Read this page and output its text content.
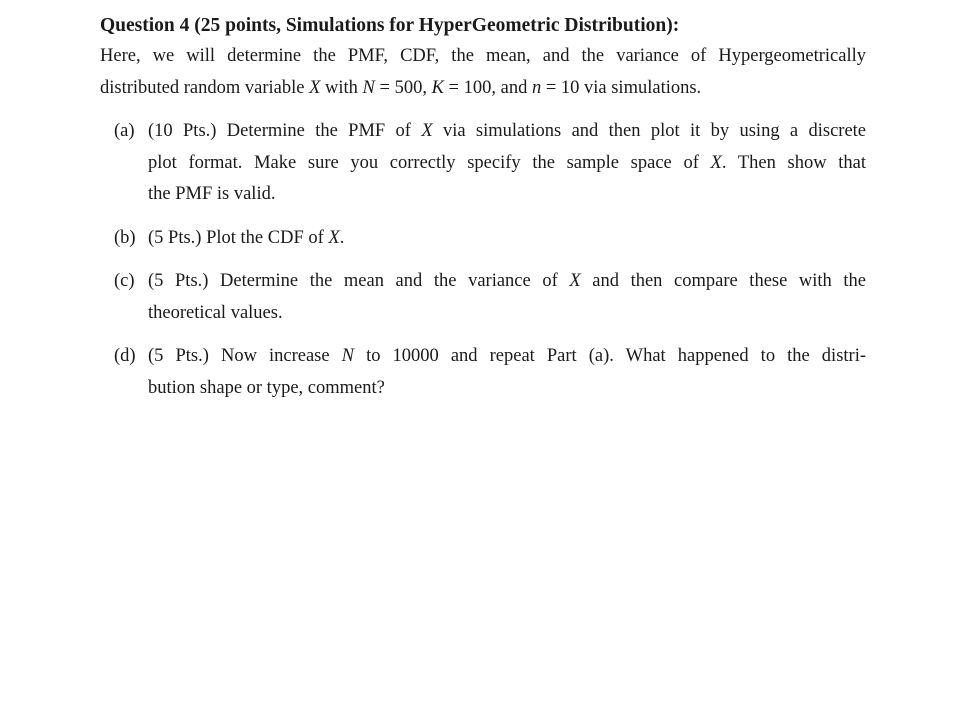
Question 4 (25 points, Simulations for HyperGeometric Distribution):

Here, we will determine the PMF, CDF, the mean, and the variance of Hypergeometrically
distributed random variable X with N = 500, K = 100, and n = 10 via simulations.

(a) (10 Pts.) Determine the PMF of X via simulations and then plot it by using a discrete
plot format. Make sure you correctly specify the sample space of X. Then show that
the PMF is valid.
(b) (5 Pts.) Plot the CDF of X.
(c) (5 Pts.) Determine the mean and the variance of X and then compare these with the
theoretical values.
(d) (5 Pts.) Now increase N to 10000 and repeat Part (a). What happened to the distri-
bution shape or type, comment?
